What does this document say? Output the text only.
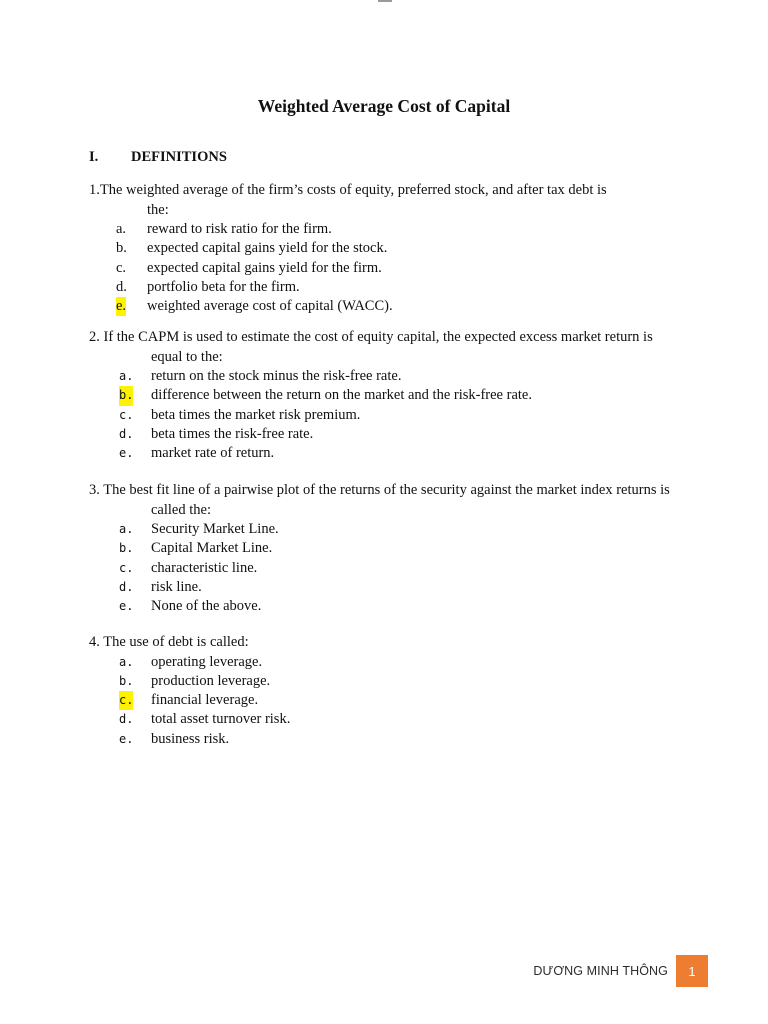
Weighted Average Cost of Capital
I. DEFINITIONS

1.The weighted average of the firm’s costs of equity, preferred stock, and after tax debt is
the:

a. reward to risk ratio for the firm.
b. expected capital gains yield for the stock.
c. expected capital gains yield for the firm.
d. portfolio beta for the firm.
e. weighted average cost of capital (WACC).

2. If the CAPM is used to estimate the cost of equity capital, the expected excess market return is
equal to the:

a. return on the stock minus the risk-free rate.
b. difference between the return on the market and the risk-free rate.
c. beta times the market risk premium.
d. beta times the risk-free rate.
e. market rate of return.

3. The best fit line of a pairwise plot of the returns of the security against the market index returns is
called the:

a. Security Market Line.
b. Capital Market Line.
c. characteristic line.
d. risk line.
e. None of the above.

4. The use of debt is called:

a. operating leverage.
b. production leverage.
c. financial leverage.
d. total asset turnover risk.
e. business risk.
DƯƠNG MINH THÔNG	1
